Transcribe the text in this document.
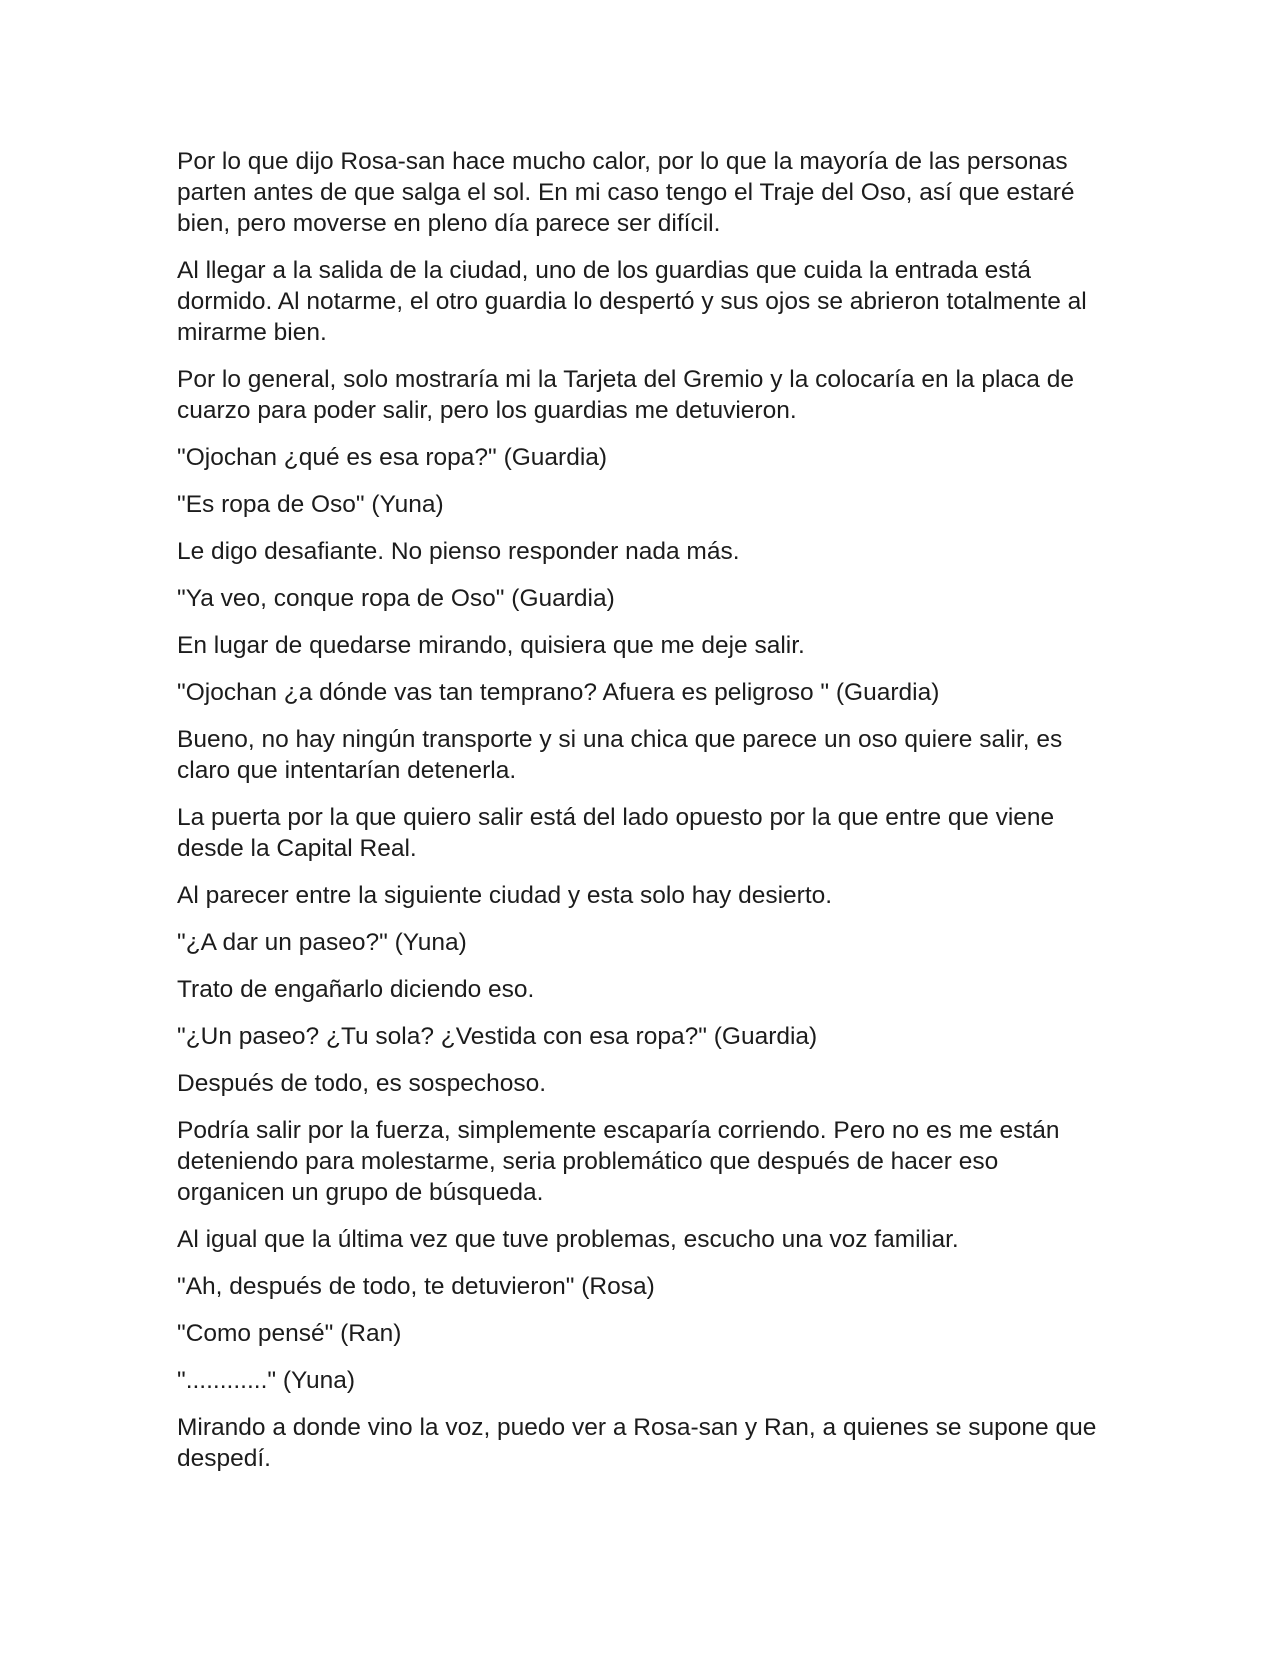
Por lo que dijo Rosa-san hace mucho calor, por lo que la mayoría de las personas parten antes de que salga el sol. En mi caso tengo el Traje del Oso, así que estaré bien, pero moverse en pleno día parece ser difícil.

Al llegar a la salida de la ciudad, uno de los guardias que cuida la entrada está dormido. Al notarme, el otro guardia lo despertó y sus ojos se abrieron totalmente al mirarme bien.

Por lo general, solo mostraría mi la Tarjeta del Gremio y la colocaría en la placa de cuarzo para poder salir, pero los guardias me detuvieron.

"Ojochan ¿qué es esa ropa?" (Guardia)

"Es ropa de Oso" (Yuna)

Le digo desafiante. No pienso responder nada más.

"Ya veo, conque ropa de Oso" (Guardia)

En lugar de quedarse mirando, quisiera que me deje salir.

"Ojochan ¿a dónde vas tan temprano? Afuera es peligroso " (Guardia)

Bueno, no hay ningún transporte y si una chica que parece un oso quiere salir, es claro que intentarían detenerla.

La puerta por la que quiero salir está del lado opuesto por la que entre que viene desde la Capital Real.

Al parecer entre la siguiente ciudad y esta solo hay desierto.

"¿A dar un paseo?" (Yuna)

Trato de engañarlo diciendo eso.

"¿Un paseo? ¿Tu sola? ¿Vestida con esa ropa?" (Guardia)

Después de todo, es sospechoso.

Podría salir por la fuerza, simplemente escaparía corriendo. Pero no es me están deteniendo para molestarme, seria problemático que después de hacer eso organicen un grupo de búsqueda.

Al igual que la última vez que tuve problemas, escucho una voz familiar.

"Ah, después de todo, te detuvieron" (Rosa)

"Como pensé" (Ran)

"............" (Yuna)

Mirando a donde vino la voz, puedo ver a Rosa-san y Ran, a quienes se supone que despedí.
